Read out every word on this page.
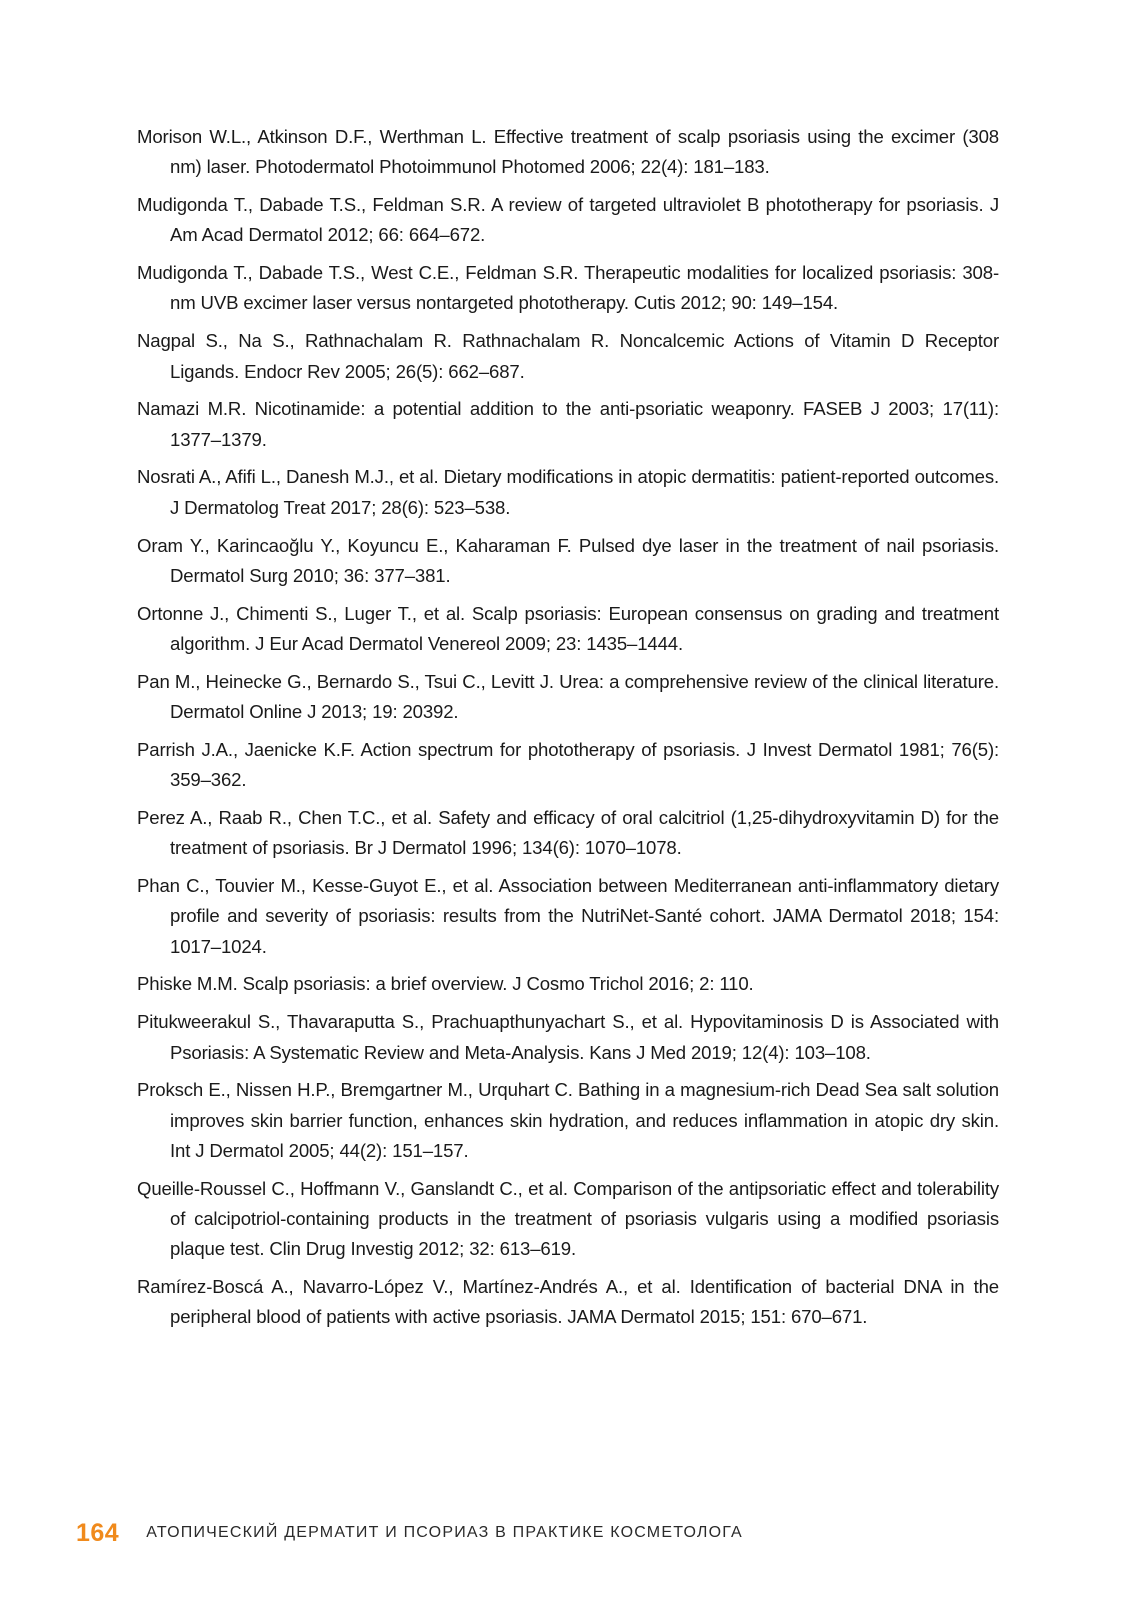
Morison W.L., Atkinson D.F., Werthman L. Effective treatment of scalp psoriasis using the excimer (308 nm) laser. Photodermatol Photoimmunol Photomed 2006; 22(4): 181–183.
Mudigonda T., Dabade T.S., Feldman S.R. A review of targeted ultraviolet B phototherapy for psoriasis. J Am Acad Dermatol 2012; 66: 664–672.
Mudigonda T., Dabade T.S., West C.E., Feldman S.R. Therapeutic modalities for localized psoriasis: 308-nm UVB excimer laser versus nontargeted phototherapy. Cutis 2012; 90: 149–154.
Nagpal S., Na S., Rathnachalam R. Rathnachalam R. Noncalcemic Actions of Vitamin D Receptor Ligands. Endocr Rev 2005; 26(5): 662–687.
Namazi M.R. Nicotinamide: a potential addition to the anti-psoriatic weaponry. FASEB J 2003; 17(11): 1377–1379.
Nosrati A., Afifi L., Danesh M.J., et al. Dietary modifications in atopic dermatitis: patient-reported outcomes. J Dermatolog Treat 2017; 28(6): 523–538.
Oram Y., Karincaoğlu Y., Koyuncu E., Kaharaman F. Pulsed dye laser in the treatment of nail psoriasis. Dermatol Surg 2010; 36: 377–381.
Ortonne J., Chimenti S., Luger T., et al. Scalp psoriasis: European consensus on grading and treatment algorithm. J Eur Acad Dermatol Venereol 2009; 23: 1435–1444.
Pan M., Heinecke G., Bernardo S., Tsui C., Levitt J. Urea: a comprehensive review of the clinical literature. Dermatol Online J 2013; 19: 20392.
Parrish J.A., Jaenicke K.F. Action spectrum for phototherapy of psoriasis. J Invest Dermatol 1981; 76(5): 359–362.
Perez A., Raab R., Chen T.C., et al. Safety and efficacy of oral calcitriol (1,25-dihydroxyvitamin D) for the treatment of psoriasis. Br J Dermatol 1996; 134(6): 1070–1078.
Phan C., Touvier M., Kesse-Guyot E., et al. Association between Mediterranean anti-inflammatory dietary profile and severity of psoriasis: results from the NutriNet-Santé cohort. JAMA Dermatol 2018; 154: 1017–1024.
Phiske M.M. Scalp psoriasis: a brief overview. J Cosmo Trichol 2016; 2: 110.
Pitukweerakul S., Thavaraputta S., Prachuapthunyachart S., et al. Hypovitaminosis D is Associated with Psoriasis: A Systematic Review and Meta-Analysis. Kans J Med 2019; 12(4): 103–108.
Proksch E., Nissen H.P., Bremgartner M., Urquhart C. Bathing in a magnesium-rich Dead Sea salt solution improves skin barrier function, enhances skin hydration, and reduces inflammation in atopic dry skin. Int J Dermatol 2005; 44(2): 151–157.
Queille-Roussel C., Hoffmann V., Ganslandt C., et al. Comparison of the antipsoriatic effect and tolerability of calcipotriol-containing products in the treatment of psoriasis vulgaris using a modified psoriasis plaque test. Clin Drug Investig 2012; 32: 613–619.
Ramírez-Boscá A., Navarro-López V., Martínez-Andrés A., et al. Identification of bacterial DNA in the peripheral blood of patients with active psoriasis. JAMA Dermatol 2015; 151: 670–671.
164 АТОПИЧЕСКИЙ ДЕРМАТИТ И ПСОРИАЗ В ПРАКТИКЕ КОСМЕТОЛОГА
